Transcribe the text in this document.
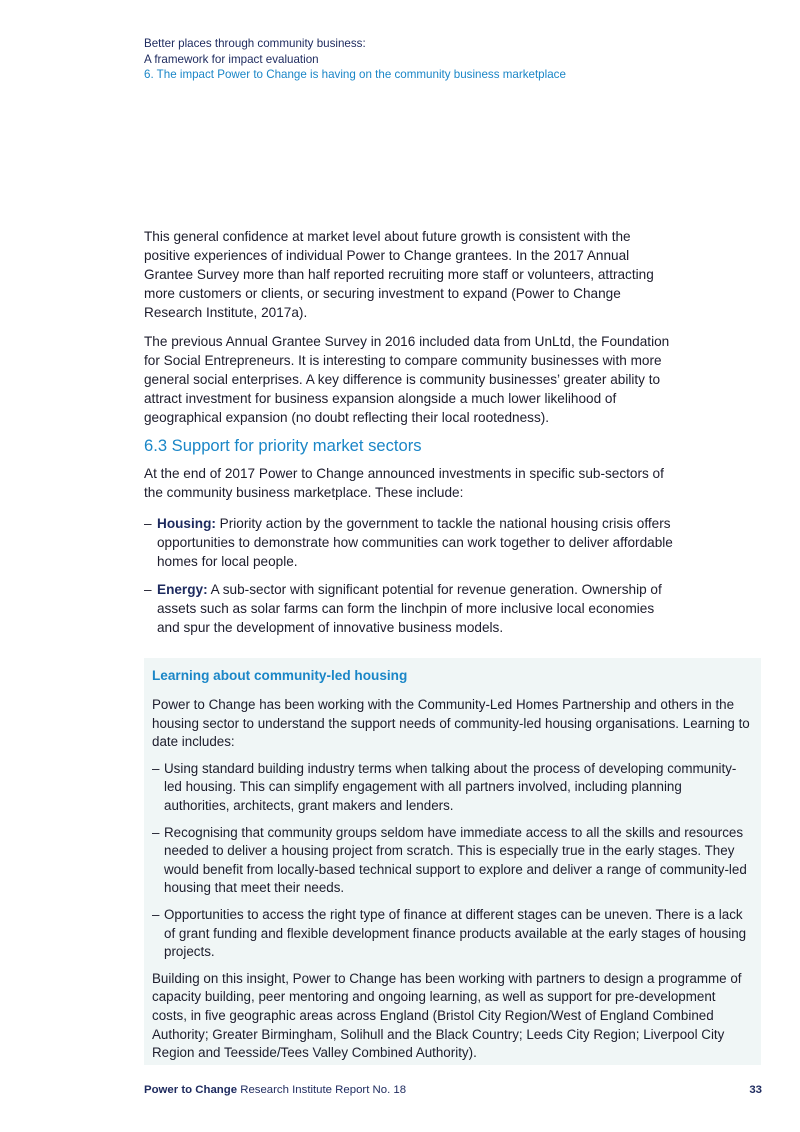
Better places through community business:
A framework for impact evaluation
6. The impact Power to Change is having on the community business marketplace

This general confidence at market level about future growth is consistent with the positive experiences of individual Power to Change grantees. In the 2017 Annual Grantee Survey more than half reported recruiting more staff or volunteers, attracting more customers or clients, or securing investment to expand (Power to Change Research Institute, 2017a).

The previous Annual Grantee Survey in 2016 included data from UnLtd, the Foundation for Social Entrepreneurs. It is interesting to compare community businesses with more general social enterprises. A key difference is community businesses’ greater ability to attract investment for business expansion alongside a much lower likelihood of geographical expansion (no doubt reflecting their local rootedness).

6.3 Support for priority market sectors

At the end of 2017 Power to Change announced investments in specific sub-sectors of the community business marketplace. These include:

– Housing: Priority action by the government to tackle the national housing crisis offers opportunities to demonstrate how communities can work together to deliver affordable homes for local people.
– Energy: A sub-sector with significant potential for revenue generation. Ownership of assets such as solar farms can form the linchpin of more inclusive local economies and spur the development of innovative business models.
Learning about community-led housing

Power to Change has been working with the Community-Led Homes Partnership and others in the housing sector to understand the support needs of community-led housing organisations. Learning to date includes:

– Using standard building industry terms when talking about the process of developing community-led housing. This can simplify engagement with all partners involved, including planning authorities, architects, grant makers and lenders.
– Recognising that community groups seldom have immediate access to all the skills and resources needed to deliver a housing project from scratch. This is especially true in the early stages. They would benefit from locally-based technical support to explore and deliver a range of community-led housing that meet their needs.
– Opportunities to access the right type of finance at different stages can be uneven. There is a lack of grant funding and flexible development finance products available at the early stages of housing projects.

Building on this insight, Power to Change has been working with partners to design a programme of capacity building, peer mentoring and ongoing learning, as well as support for pre-development costs, in five geographic areas across England (Bristol City Region/West of England Combined Authority; Greater Birmingham, Solihull and the Black Country; Leeds City Region; Liverpool City Region and Teesside/Tees Valley Combined Authority).

Power to Change Research Institute Report No. 18	33
